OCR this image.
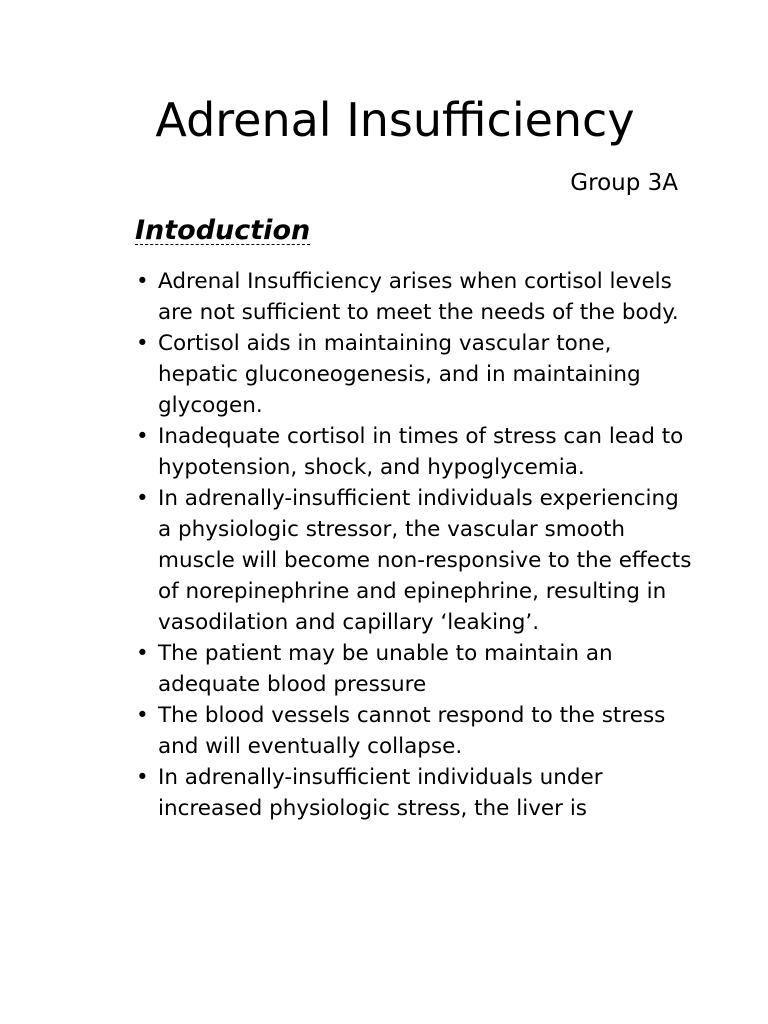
Adrenal Insufficiency
Group 3A
Intoduction
• Adrenal Insufficiency arises when cortisol levels are not sufficient to meet the needs of the body.
• Cortisol aids in maintaining vascular tone, hepatic gluconeogenesis, and in maintaining glycogen.
• Inadequate cortisol in times of stress can lead to hypotension, shock, and hypoglycemia.
• In adrenally-insufficient individuals experiencing a physiologic stressor, the vascular smooth muscle will become non-responsive to the effects of norepinephrine and epinephrine, resulting in vasodilation and capillary ‘leaking’.
• The patient may be unable to maintain an adequate blood pressure
• The blood vessels cannot respond to the stress and will eventually collapse.
• In adrenally-insufficient individuals under increased physiologic stress, the liver is
